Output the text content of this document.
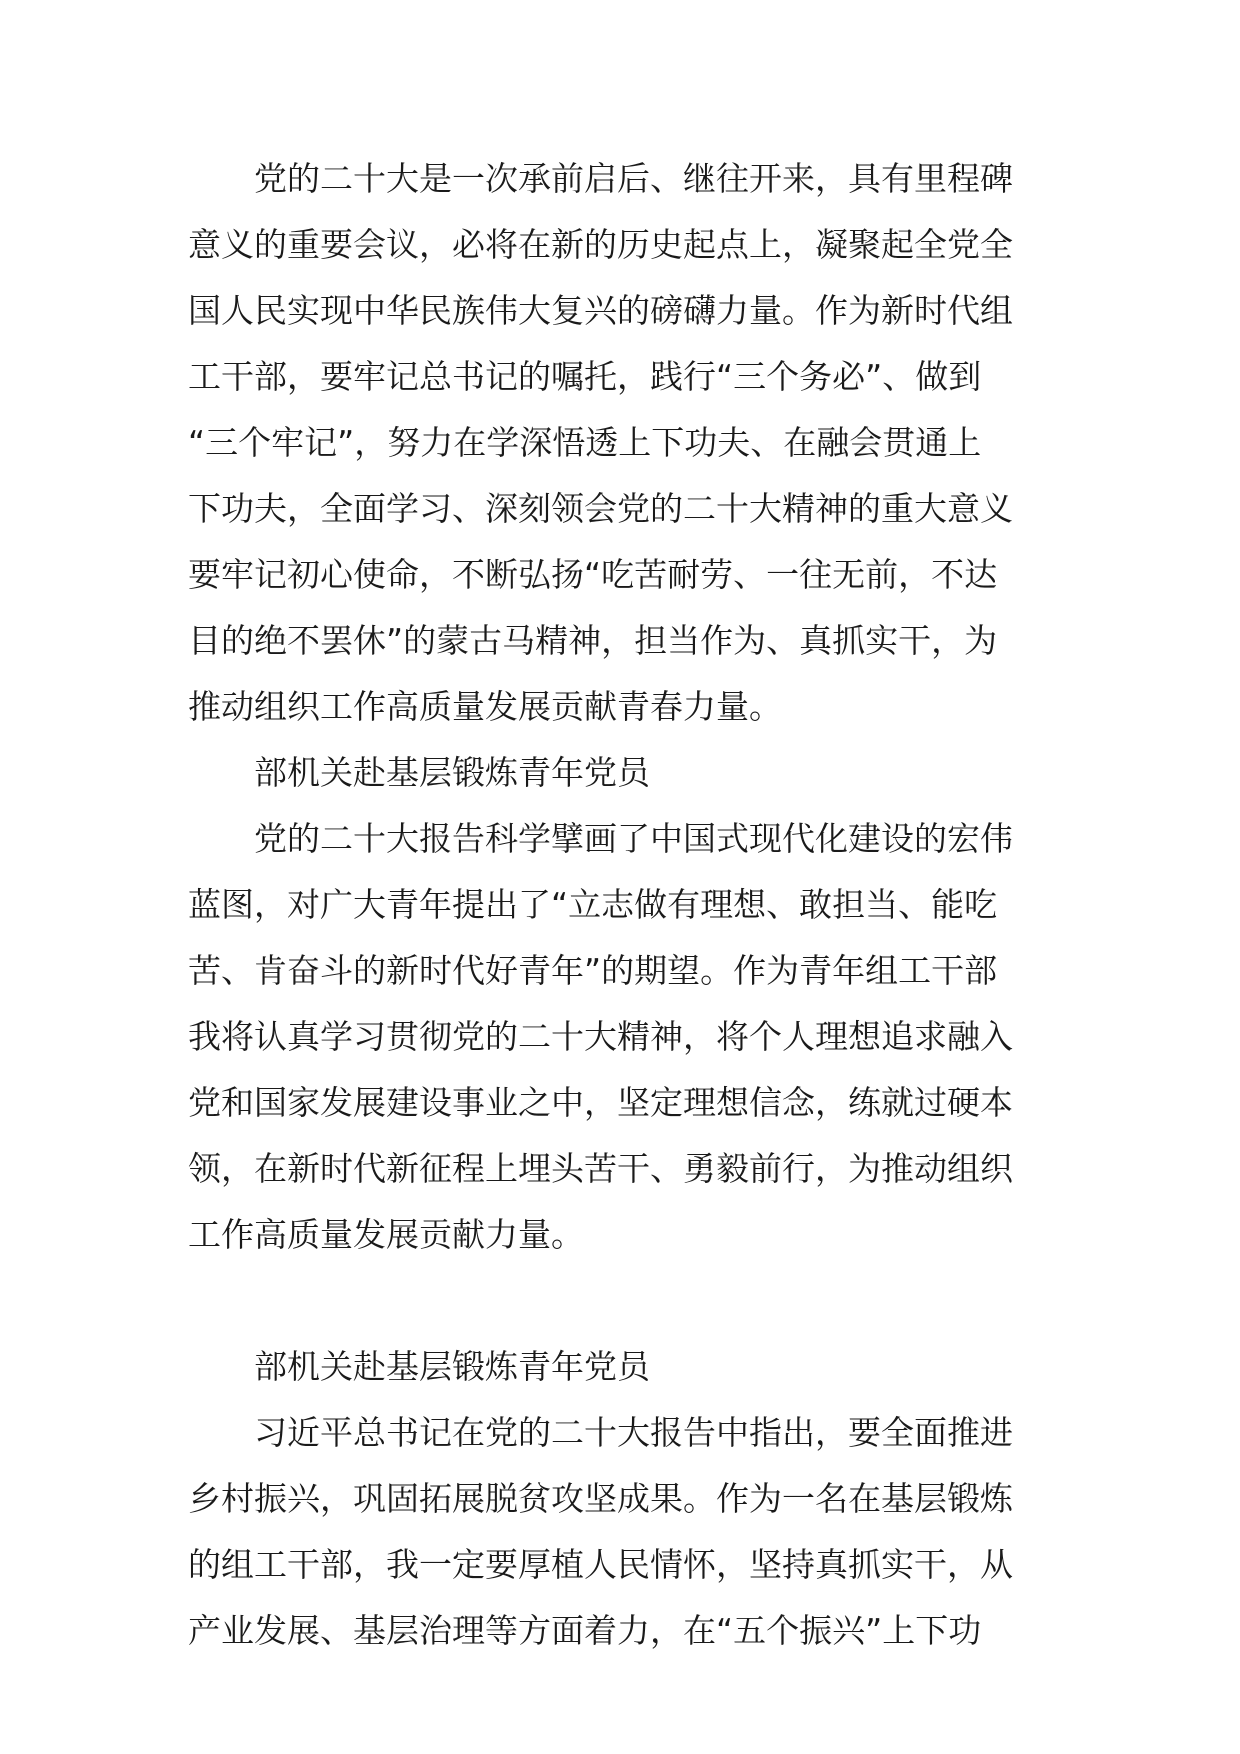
党的二十大是一次承前启后、继往开来，具有里程碑
意义的重要会议，必将在新的历史起点上，凝聚起全党全
国人民实现中华民族伟大复兴的磅礴力量。作为新时代组
工干部，要牢记总书记的嘱托，践行“三个务必”、做到
“三个牢记”，努力在学深悟透上下功夫、在融会贯通上
下功夫，全面学习、深刻领会党的二十大精神的重大意义
要牢记初心使命，不断弘扬“吃苦耐劳、一往无前，不达
目的绝不罢休”的蒙古马精神，担当作为、真抓实干，为
推动组织工作高质量发展贡献青春力量。
部机关赴基层锻炼青年党员
党的二十大报告科学擘画了中国式现代化建设的宏伟
蓝图，对广大青年提出了“立志做有理想、敢担当、能吃
苦、肯奋斗的新时代好青年”的期望。作为青年组工干部
我将认真学习贯彻党的二十大精神，将个人理想追求融入
党和国家发展建设事业之中，坚定理想信念，练就过硬本
领，在新时代新征程上埋头苦干、勇毅前行，为推动组织
工作高质量发展贡献力量。
部机关赴基层锻炼青年党员
习近平总书记在党的二十大报告中指出，要全面推进
乡村振兴，巩固拓展脱贫攻坚成果。作为一名在基层锻炼
的组工干部，我一定要厚植人民情怀，坚持真抓实干，从
产业发展、基层治理等方面着力，在“五个振兴”上下功
